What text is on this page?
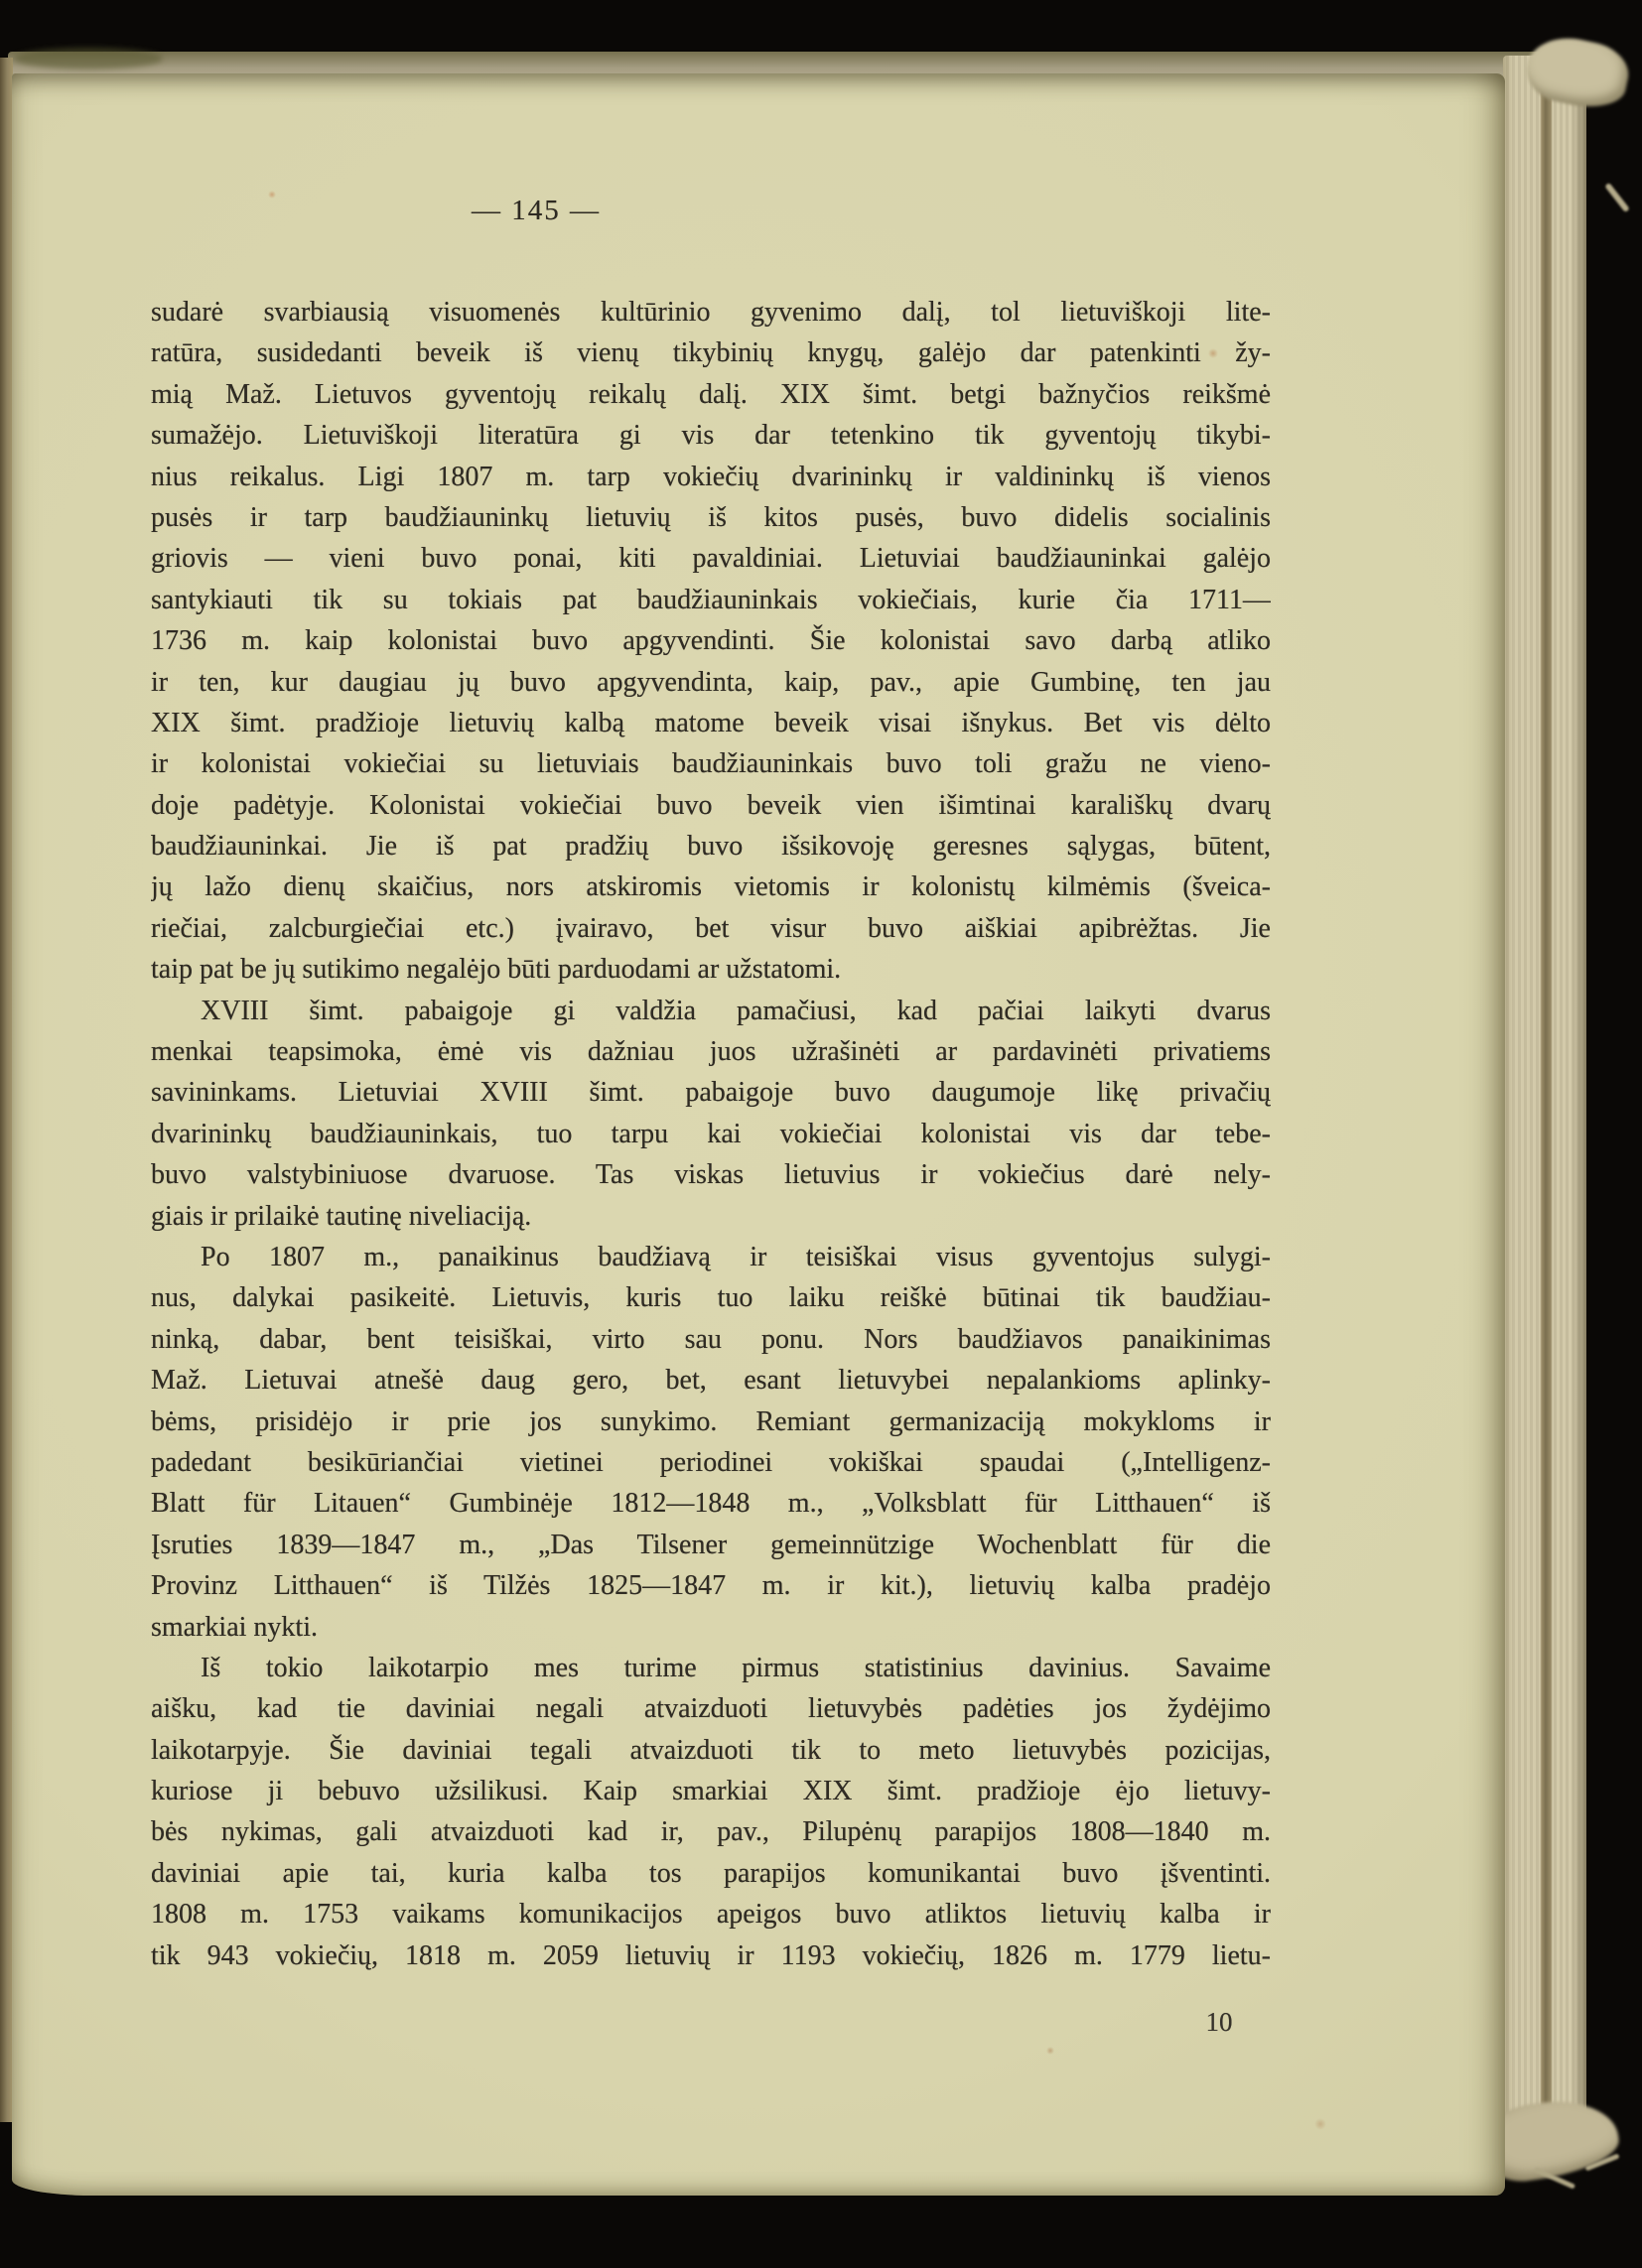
— 145 —
sudarė svarbiausią visuomenės kultūrinio gyvenimo dalį, tol lietuviškoji lite-
ratūra, susidedanti beveik iš vienų tikybinių knygų, galėjo dar patenkinti žy-
mią Maž. Lietuvos gyventojų reikalų dalį. XIX šimt. betgi bažnyčios reikšmė
sumažėjo. Lietuviškoji literatūra gi vis dar tetenkino tik gyventojų tikybi-
nius reikalus. Ligi 1807 m. tarp vokiečių dvarininkų ir valdininkų iš vienos
pusės ir tarp baudžiauninkų lietuvių iš kitos pusės, buvo didelis socialinis
griovis — vieni buvo ponai, kiti pavaldiniai. Lietuviai baudžiauninkai galėjo
santykiauti tik su tokiais pat baudžiauninkais vokiečiais, kurie čia 1711—
1736 m. kaip kolonistai buvo apgyvendinti. Šie kolonistai savo darbą atliko
ir ten, kur daugiau jų buvo apgyvendinta, kaip, pav., apie Gumbinę, ten jau
XIX šimt. pradžioje lietuvių kalbą matome beveik visai išnykus. Bet vis dėlto
ir kolonistai vokiečiai su lietuviais baudžiauninkais buvo toli gražu ne vieno-
doje padėtyje. Kolonistai vokiečiai buvo beveik vien išimtinai karališkų dvarų
baudžiauninkai. Jie iš pat pradžių buvo išsikovoję geresnes sąlygas, būtent,
jų lažo dienų skaičius, nors atskiromis vietomis ir kolonistų kilmėmis (šveica-
riečiai, zalcburgiečiai etc.) įvairavo, bet visur buvo aiškiai apibrėžtas. Jie
taip pat be jų sutikimo negalėjo būti parduodami ar užstatomi.
XVIII šimt. pabaigoje gi valdžia pamačiusi, kad pačiai laikyti dvarus
menkai teapsimoka, ėmė vis dažniau juos užrašinėti ar pardavinėti privatiems
savininkams. Lietuviai XVIII šimt. pabaigoje buvo daugumoje likę privačių
dvarininkų baudžiauninkais, tuo tarpu kai vokiečiai kolonistai vis dar tebe-
buvo valstybiniuose dvaruose. Tas viskas lietuvius ir vokiečius darė nely-
giais ir prilaikė tautinę niveliaciją.
Po 1807 m., panaikinus baudžiavą ir teisiškai visus gyventojus sulygi-
nus, dalykai pasikeitė. Lietuvis, kuris tuo laiku reiškė būtinai tik baudžiau-
ninką, dabar, bent teisiškai, virto sau ponu. Nors baudžiavos panaikinimas
Maž. Lietuvai atnešė daug gero, bet, esant lietuvybei nepalankioms aplinky-
bėms, prisidėjo ir prie jos sunykimo. Remiant germanizaciją mokykloms ir
padedant besikūriančiai vietinei periodinei vokiškai spaudai („Intelligenz-
Blatt für Litauen“ Gumbinėje 1812—1848 m., „Volksblatt für Litthauen“ iš
Įsruties 1839—1847 m., „Das Tilsener gemeinnützige Wochenblatt für die
Provinz Litthauen“ iš Tilžės 1825—1847 m. ir kit.), lietuvių kalba pradėjo
smarkiai nykti.
Iš tokio laikotarpio mes turime pirmus statistinius davinius. Savaime
aišku, kad tie daviniai negali atvaizduoti lietuvybės padėties jos žydėjimo
laikotarpyje. Šie daviniai tegali atvaizduoti tik to meto lietuvybės pozicijas,
kuriose ji bebuvo užsilikusi. Kaip smarkiai XIX šimt. pradžioje ėjo lietuvy-
bės nykimas, gali atvaizduoti kad ir, pav., Pilupėnų parapijos 1808—1840 m.
daviniai apie tai, kuria kalba tos parapijos komunikantai buvo įšventinti.
1808 m. 1753 vaikams komunikacijos apeigos buvo atliktos lietuvių kalba ir
tik 943 vokiečių, 1818 m. 2059 lietuvių ir 1193 vokiečių, 1826 m. 1779 lietu-
10
